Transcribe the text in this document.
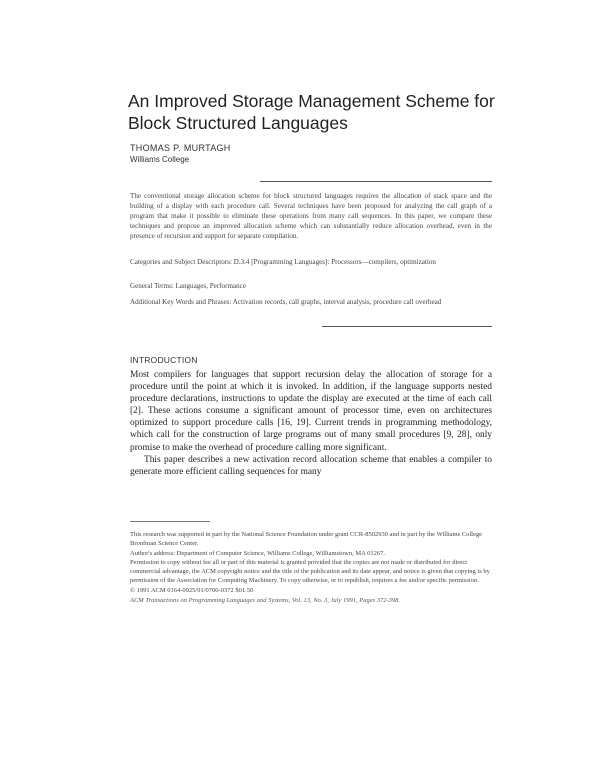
An Improved Storage Management Scheme for Block Structured Languages
THOMAS P. MURTAGH
Williams College
The conventional storage allocation scheme for block structured languages requires the allocation of stack space and the building of a display with each procedure call. Several techniques have been proposed for analyzing the call graph of a program that make it possible to eliminate these operations from many call sequences. In this paper, we compare these techniques and propose an improved allocation scheme which can substantially reduce allocation overhead, even in the presence of recursion and support for separate compilation.
Categories and Subject Descriptors: D.3.4 [Programming Languages]: Processors—compilers, optimization
General Terms: Languages, Performance
Additional Key Words and Phrases: Activation records, call graphs, interval analysis, procedure call overhead
INTRODUCTION

Most compilers for languages that support recursion delay the allocation of storage for a procedure until the point at which it is invoked. In addition, if the language supports nested procedure declarations, instructions to update the display are executed at the time of each call [2]. These actions consume a significant amount of processor time, even on architectures optimized to support procedure calls [16, 19]. Current trends in programming methodology, which call for the construction of large programs out of many small procedures [9, 28], only promise to make the overhead of procedure calling more significant.

This paper describes a new activation record allocation scheme that enables a compiler to generate more efficient calling sequences for many

This research was supported in part by the National Science Foundation under grant CCR-8502930 and in part by the Williams College Bronfman Science Center.

Author's address: Department of Computer Science, Williams College, Williamstown, MA 01267.

Permission to copy without fee all or part of this material is granted provided that the copies are not made or distributed for direct commercial advantage, the ACM copyright notice and the title of the publication and its date appear, and notice is given that copying is by permission of the Association for Computing Machinery. To copy otherwise, or to republish, requires a fee and/or specific permission.

© 1991 ACM 0164-0925/91/0700-0372 $01.50

ACM Transactions on Programming Languages and Systems, Vol. 13, No. 3, July 1991, Pages 372-398.
